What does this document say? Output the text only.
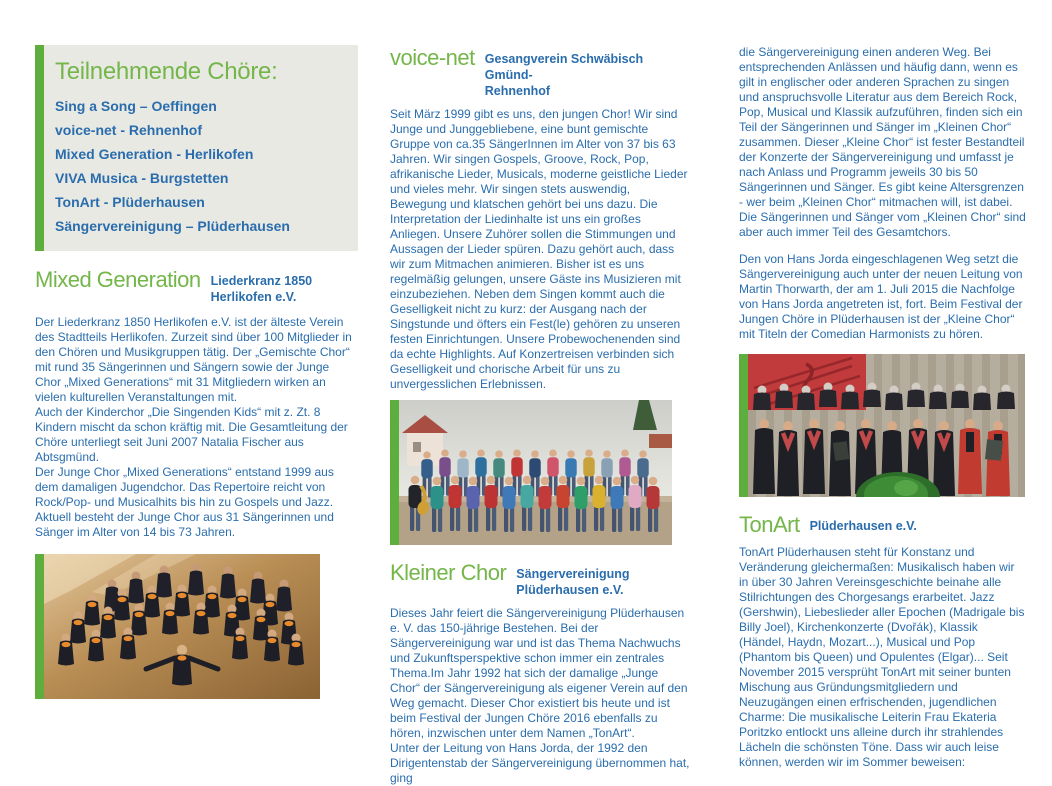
Teilnehmende Chöre:
Sing a Song – Oeffingen
voice-net - Rehnenhof
Mixed Generation - Herlikofen
VIVA Musica - Burgstetten
TonArt - Plüderhausen
Sängervereinigung – Plüderhausen
Mixed Generation Liederkranz 1850
Herlikofen e.V.

Der Liederkranz 1850 Herlikofen e.V. ist der älteste Verein des Stadtteils Herlikofen. Zurzeit sind über 100 Mitglieder in den Chören und Musikgruppen tätig. Der „Gemischte Chor“ mit rund 35 Sängerinnen und Sängern sowie der Junge Chor „Mixed Generations“ mit 31 Mitgliedern wirken an vielen kulturellen Veranstaltungen mit.

Auch der Kinderchor „Die Singenden Kids“ mit z. Zt. 8 Kindern mischt da schon kräftig mit. Die Gesamtleitung der Chöre unterliegt seit Juni 2007 Natalia Fischer aus Abtsgmünd.

Der Junge Chor „Mixed Generations“ entstand 1999 aus dem damaligen Jugendchor. Das Repertoire reicht von Rock/Pop- und Musicalhits bis hin zu Gospels und Jazz. Aktuell besteht der Junge Chor aus 31 Sängerinnen und Sänger im Alter von 14 bis 73 Jahren.

voice-net Gesangverein Schwäbisch Gmünd-
Rehnenhof

Seit März 1999 gibt es uns, den jungen Chor! Wir sind Junge und Junggebliebene, eine bunt gemischte Gruppe von ca.35 SängerInnen im Alter von 37 bis 63 Jahren. Wir singen Gospels, Groove, Rock, Pop, afrikanische Lieder, Musicals, moderne geistliche Lieder und vieles mehr. Wir singen stets auswendig, Bewegung und klatschen gehört bei uns dazu. Die Interpretation der Liedinhalte ist uns ein großes Anliegen. Unsere Zuhörer sollen die Stimmungen und Aussagen der Lieder spüren. Dazu gehört auch, dass wir zum Mitmachen animieren. Bisher ist es uns regelmäßig gelungen, unsere Gäste ins Musizieren mit einzubeziehen. Neben dem Singen kommt auch die Geselligkeit nicht zu kurz: der Ausgang nach der Singstunde und öfters ein Fest(le) gehören zu unseren festen Einrichtungen. Unsere Probewochenenden sind da echte Highlights. Auf Konzertreisen verbinden sich Geselligkeit und chorische Arbeit für uns zu unvergesslichen Erlebnissen.

Kleiner Chor Sängervereinigung Plüderhausen e.V.

Dieses Jahr feiert die Sängervereinigung Plüderhausen e. V. das 150-jährige Bestehen. Bei der Sängervereinigung war und ist das Thema Nachwuchs und Zukunftsperspektive schon immer ein zentrales Thema.Im Jahr 1992 hat sich der damalige „Junge Chor“ der Sängervereinigung als eigener Verein auf den Weg gemacht. Dieser Chor existiert bis heute und ist beim Festival der Jungen Chöre 2016 ebenfalls zu hören, inzwischen unter dem Namen „TonArt“.

Unter der Leitung von Hans Jorda, der 1992 den Dirigentenstab der Sängervereinigung übernommen hat, ging

die Sängervereinigung einen anderen Weg. Bei entsprechenden Anlässen und häufig dann, wenn es gilt in englischer oder anderen Sprachen zu singen und anspruchsvolle Literatur aus dem Bereich Rock, Pop, Musical und Klassik aufzuführen, finden sich ein Teil der Sängerinnen und Sänger im „Kleinen Chor“ zusammen. Dieser „Kleine Chor“ ist fester Bestandteil der Konzerte der Sängervereinigung und umfasst je nach Anlass und Programm jeweils 30 bis 50 Sängerinnen und Sänger. Es gibt keine Altersgrenzen - wer beim „Kleinen Chor“ mitmachen will, ist dabei. Die Sängerinnen und Sänger vom „Kleinen Chor“ sind aber auch immer Teil des Gesamtchors.

Den von Hans Jorda eingeschlagenen Weg setzt die Sängervereinigung auch unter der neuen Leitung von Martin Thorwarth, der am 1. Juli 2015 die Nachfolge von Hans Jorda angetreten ist, fort. Beim Festival der Jungen Chöre in Plüderhausen ist der „Kleine Chor“ mit Titeln der Comedian Harmonists zu hören.

TonArt Plüderhausen e.V.

TonArt Plüderhausen steht für Konstanz und Veränderung gleichermaßen: Musikalisch haben wir in über 30 Jahren Vereinsgeschichte beinahe alle Stilrichtungen des Chorgesangs erarbeitet. Jazz (Gershwin), Liebeslieder aller Epochen (Madrigale bis Billy Joel), Kirchenkonzerte (Dvořák), Klassik (Händel, Haydn, Mozart...), Musical und Pop (Phantom bis Queen) und Opulentes (Elgar)... Seit November 2015 versprüht TonArt mit seiner bunten Mischung aus Gründungsmitgliedern und Neuzugängen einen erfrischenden, jugendlichen Charme: Die musikalische Leiterin Frau Ekateria Poritzko entlockt uns alleine durch ihr strahlendes Lächeln die schönsten Töne. Dass wir auch leise können, werden wir im Sommer beweisen:
